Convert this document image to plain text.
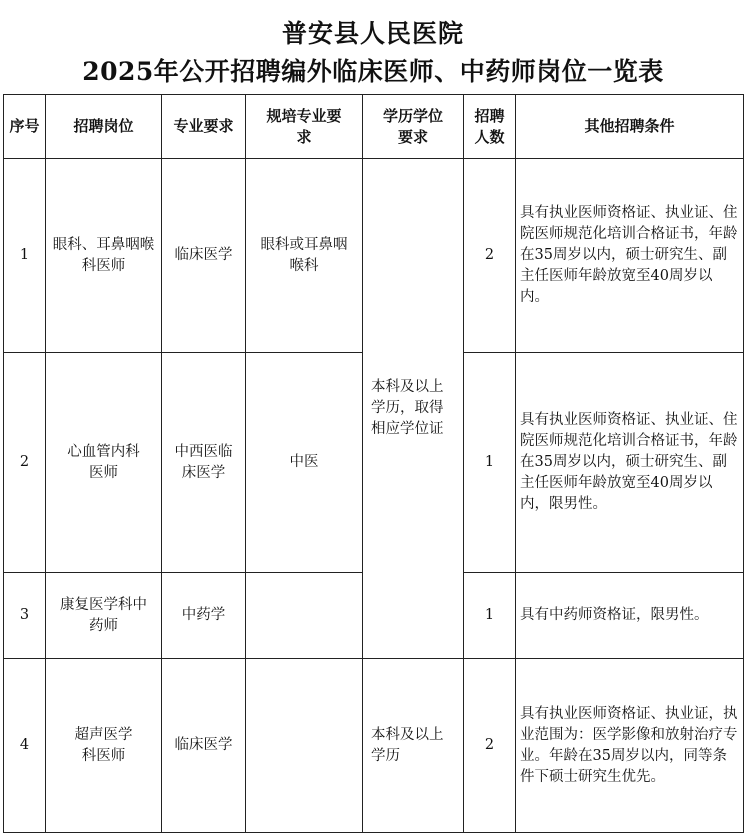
普安县人民医院
2025年公开招聘编外临床医师、中药师岗位一览表
序号	招聘岗位	专业要求	规培专业要求	学历学位要求	招聘人数	其他招聘条件
1	眼科、耳鼻咽喉科医师	临床医学	眼科或耳鼻咽喉科	本科及以上学历，取得相应学位证	2	具有执业医师资格证、执业证、住院医师规范化培训合格证书，年龄在35周岁以内，硕士研究生、副主任医师年龄放宽至40周岁以内。
2	心血管内科医师	中西医临床医学	中医		1	具有执业医师资格证、执业证、住院医师规范化培训合格证书，年龄在35周岁以内，硕士研究生、副主任医师年龄放宽至40周岁以内，限男性。
3	康复医学科中药师	中药学			1	具有中药师资格证，限男性。
4	超声医学科医师	临床医学		本科及以上学历	2	具有执业医师资格证、执业证，执业范围为：医学影像和放射治疗专业。年龄在35周岁以内，同等条件下硕士研究生优先。
